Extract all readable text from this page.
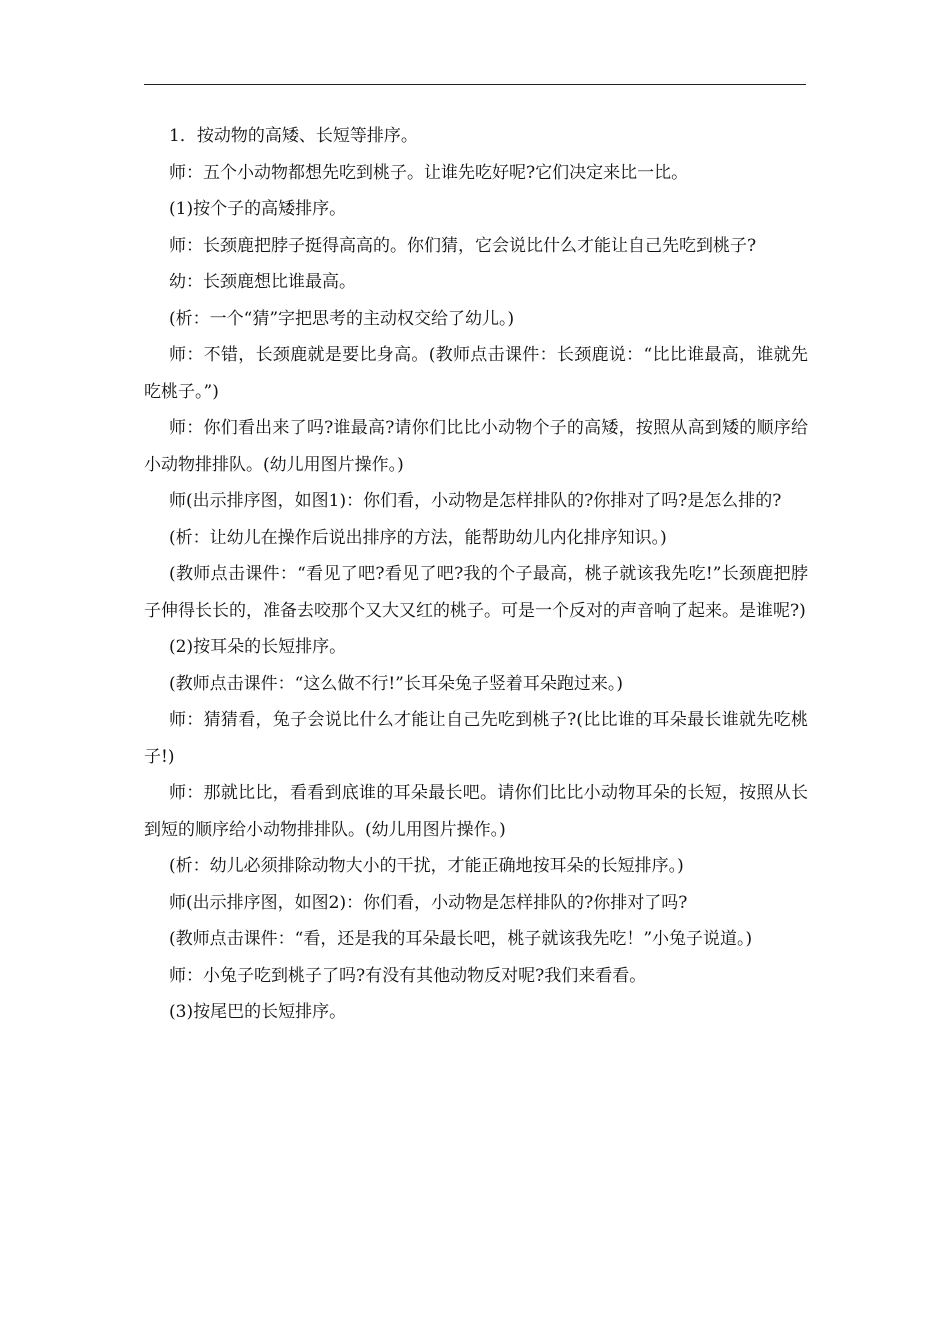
1．按动物的高矮、长短等排序。

师：五个小动物都想先吃到桃子。让谁先吃好呢?它们决定来比一比。

(1)按个子的高矮排序。

师：长颈鹿把脖子挺得高高的。你们猜，它会说比什么才能让自己先吃到桃子?

幼：长颈鹿想比谁最高。

(析：一个“猜”字把思考的主动权交给了幼儿。)

师：不错，长颈鹿就是要比身高。(教师点击课件：长颈鹿说：“比比谁最高，谁就先吃桃子。”)

师：你们看出来了吗?谁最高?请你们比比小动物个子的高矮，按照从高到矮的顺序给小动物排排队。(幼儿用图片操作。)

师(出示排序图，如图1)：你们看，小动物是怎样排队的?你排对了吗?是怎么排的?

(析：让幼儿在操作后说出排序的方法，能帮助幼儿内化排序知识。)

(教师点击课件：“看见了吧?看见了吧?我的个子最高，桃子就该我先吃!”长颈鹿把脖子伸得长长的，准备去咬那个又大又红的桃子。可是一个反对的声音响了起来。是谁呢?)

(2)按耳朵的长短排序。

(教师点击课件：“这么做不行!”长耳朵兔子竖着耳朵跑过来。)

师：猜猜看，兔子会说比什么才能让自己先吃到桃子?(比比谁的耳朵最长谁就先吃桃子!)

师：那就比比，看看到底谁的耳朵最长吧。请你们比比小动物耳朵的长短，按照从长到短的顺序给小动物排排队。(幼儿用图片操作。)

(析：幼儿必须排除动物大小的干扰，才能正确地按耳朵的长短排序。)

师(出示排序图，如图2)：你们看，小动物是怎样排队的?你排对了吗?

(教师点击课件：“看，还是我的耳朵最长吧，桃子就该我先吃！”小兔子说道。)

师：小兔子吃到桃子了吗?有没有其他动物反对呢?我们来看看。

(3)按尾巴的长短排序。
